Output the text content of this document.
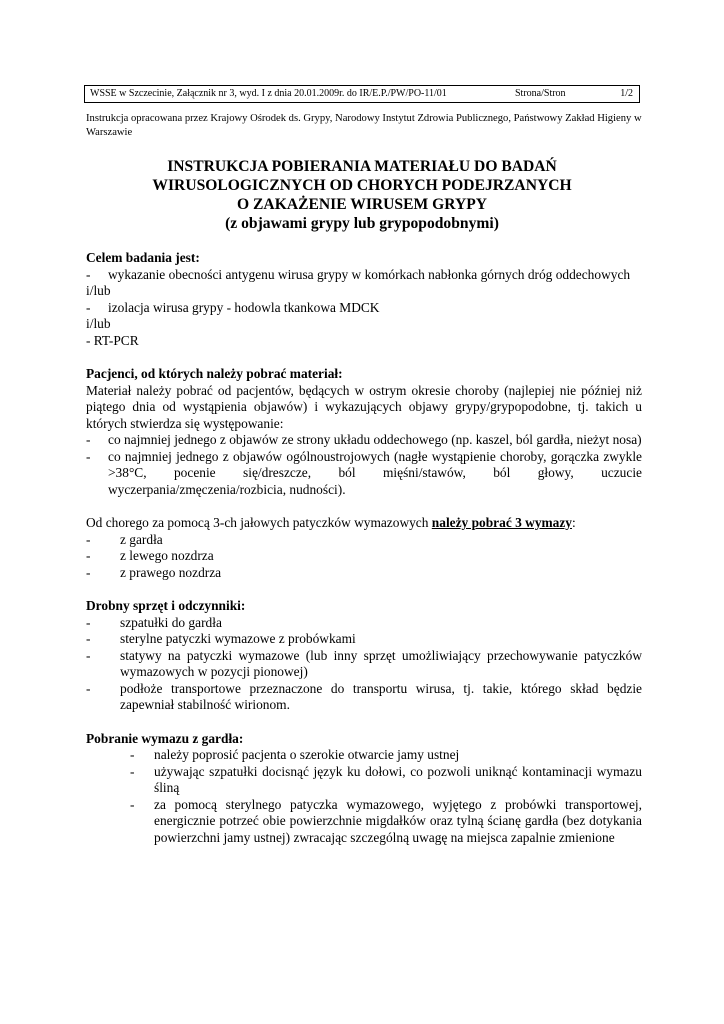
WSSE w Szczecinie, Załącznik nr 3, wyd. I z dnia 20.01.2009r. do IR/E.P./PW/PO-11/01	Strona/Stron	1/2
Instrukcja opracowana przez Krajowy Ośrodek ds. Grypy, Narodowy Instytut Zdrowia Publicznego, Państwowy Zakład Higieny w Warszawie
INSTRUKCJA POBIERANIA MATERIAŁU DO BADAŃ
WIRUSOLOGICZNYCH OD CHORYCH PODEJRZANYCH
O ZAKAŻENIE WIRUSEM GRYPY
(z objawami grypy lub grypopodobnymi)

Celem badania jest:

- wykazanie obecności antygenu wirusa grypy w komórkach nabłonka górnych dróg oddechowych
i/lub
- izolacja wirusa grypy - hodowla tkankowa MDCK
i/lub
- RT-PCR

Pacjenci, od których należy pobrać materiał:

Materiał należy pobrać od pacjentów, będących w ostrym okresie choroby (najlepiej nie później niż piątego dnia od wystąpienia objawów) i wykazujących objawy grypy/grypopodobne, tj. takich u których stwierdza się występowanie:
- co najmniej jednego z objawów ze strony układu oddechowego (np. kaszel, ból gardła, nieżyt nosa)
- co najmniej jednego z objawów ogólnoustrojowych (nagłe wystąpienie choroby, gorączka zwykle >38°C, pocenie się/dreszcze, ból mięśni/stawów, ból głowy, uczucie wyczerpania/zmęczenia/rozbicia, nudności).
Od chorego za pomocą 3-ch jałowych patyczków wymazowych należy pobrać 3 wymazy:
- z gardła
- z lewego nozdrza
- z prawego nozdrza

Drobny sprzęt i odczynniki:

- szpatułki do gardła
- sterylne patyczki wymazowe z probówkami
- statywy na patyczki wymazowe (lub inny sprzęt umożliwiający przechowywanie patyczków wymazowych w pozycji pionowej)
- podłoże transportowe przeznaczone do transportu wirusa, tj. takie, którego skład będzie zapewniał stabilność wirionom.

Pobranie wymazu z gardła:

- należy poprosić pacjenta o szerokie otwarcie jamy ustnej
- używając szpatułki docisnąć język ku dołowi, co pozwoli uniknąć kontaminacji wymazu śliną
- za pomocą sterylnego patyczka wymazowego, wyjętego z probówki transportowej, energicznie potrzeć obie powierzchnie migdałków oraz tylną ścianę gardła (bez dotykania powierzchni jamy ustnej) zwracając szczególną uwagę na miejsca zapalnie zmienione
